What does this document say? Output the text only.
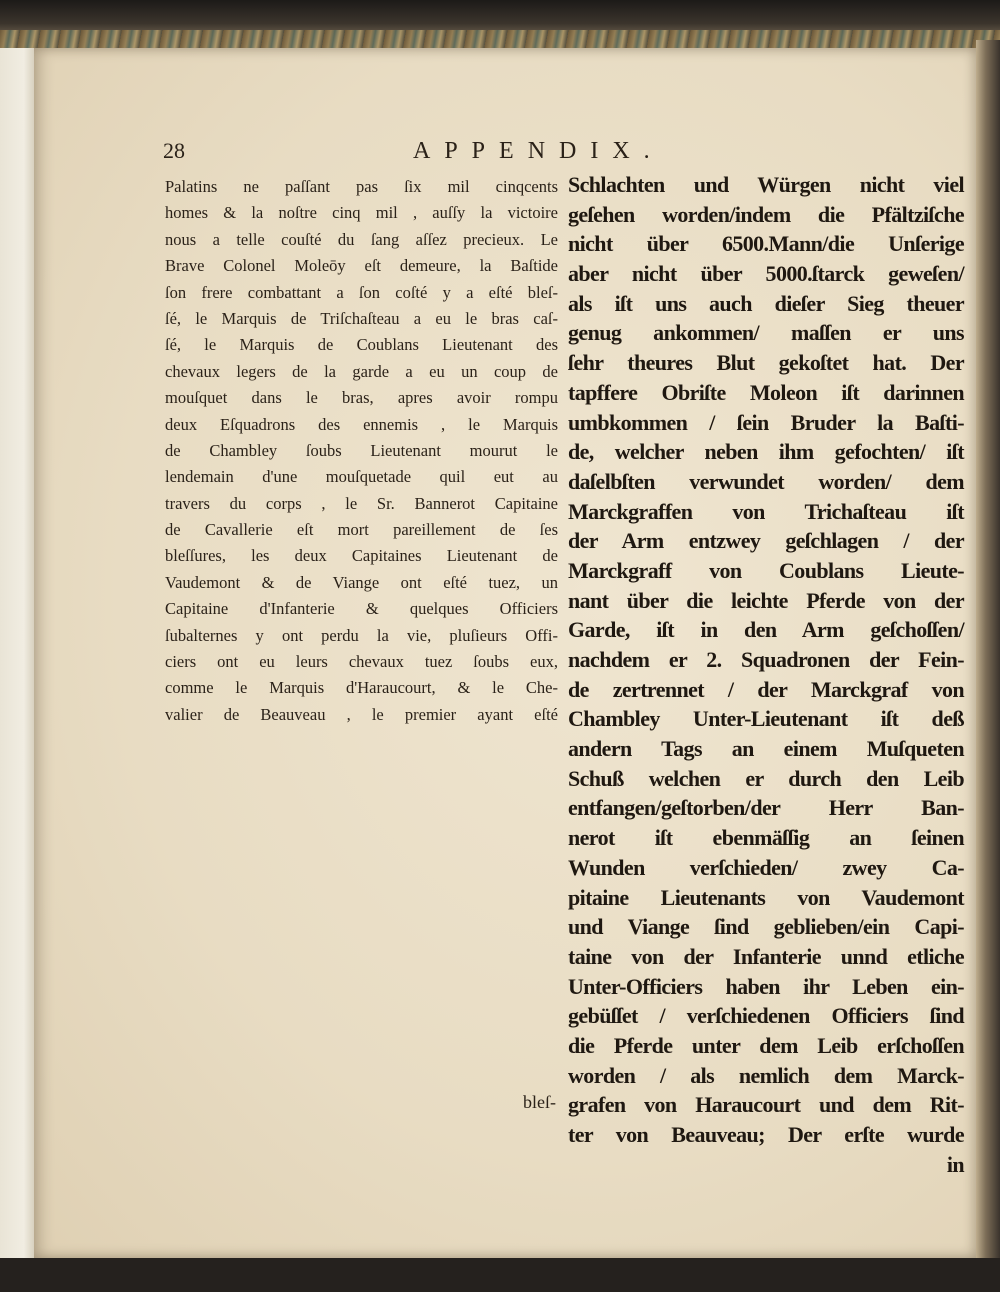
28	APPENDIX.
Palatins ne paſſant pas ſix mil cinqcents
homes & la noſtre cinq mil , auſſy la victoire
nous a telle couſté du ſang aſſez precieux. Le
Brave Colonel Moleōy eſt demeure, la Baſtide
ſon frere combattant a ſon coſté y a eſté bleſ-
ſé, le Marquis de Triſchaſteau a eu le bras caſ-
ſé, le Marquis de Coublans Lieutenant des
chevaux legers de la garde a eu un coup de
mouſquet dans le bras, apres avoir rompu
deux Eſquadrons des ennemis , le Marquis
de Chambley ſoubs Lieutenant mourut le
lendemain d'une mouſquetade quil eut au
travers du corps , le Sr. Bannerot Capitaine
de Cavallerie eſt mort pareillement de ſes
bleſſures, les deux Capitaines Lieutenant de
Vaudemont & de Viange ont eſté tuez, un
Capitaine d'Infanterie & quelques Officiers
ſubalternes y ont perdu la vie, pluſieurs Offi-
ciers ont eu leurs chevaux tuez ſoubs eux,
comme le Marquis d'Haraucourt, & le Che-
valier de Beauveau , le premier ayant eſté
Schlachten und Würgen nicht viel
geſehen worden/indem die Pfältziſche
nicht über 6500.Mann/die Unſerige
aber nicht über 5000.ſtarck geweſen/
als iſt uns auch dieſer Sieg theuer
genug ankommen/ maſſen er uns
ſehr theures Blut gekoſtet hat. Der
tapffere Obriſte Moleon iſt darinnen
umbkommen / ſein Bruder la Baſti-
de, welcher neben ihm gefochten/ iſt
daſelbſten verwundet worden/ dem
Marckgraffen von Trichaſteau iſt
der Arm entzwey geſchlagen / der
Marckgraff von Coublans Lieute-
nant über die leichte Pferde von der
Garde, iſt in den Arm geſchoſſen/
nachdem er 2. Squadronen der Fein-
de zertrennet / der Marckgraf von
Chambley Unter-Lieutenant iſt deß
andern Tags an einem Muſqueten
Schuß welchen er durch den Leib
entfangen/geſtorben/der Herr Ban-
nerot iſt ebenmäſſig an ſeinen
Wunden verſchieden/ zwey Ca-
pitaine Lieutenants von Vaudemont
und Viange ſind geblieben/ein Capi-
taine von der Infanterie unnd etliche
Unter-Officiers haben ihr Leben ein-
gebüſſet / verſchiedenen Officiers ſind
die Pferde unter dem Leib erſchoſſen
worden / als nemlich dem Marck-
grafen von Haraucourt und dem Rit-
ter von Beauveau; Der erſte wurde
in
bleſ-
